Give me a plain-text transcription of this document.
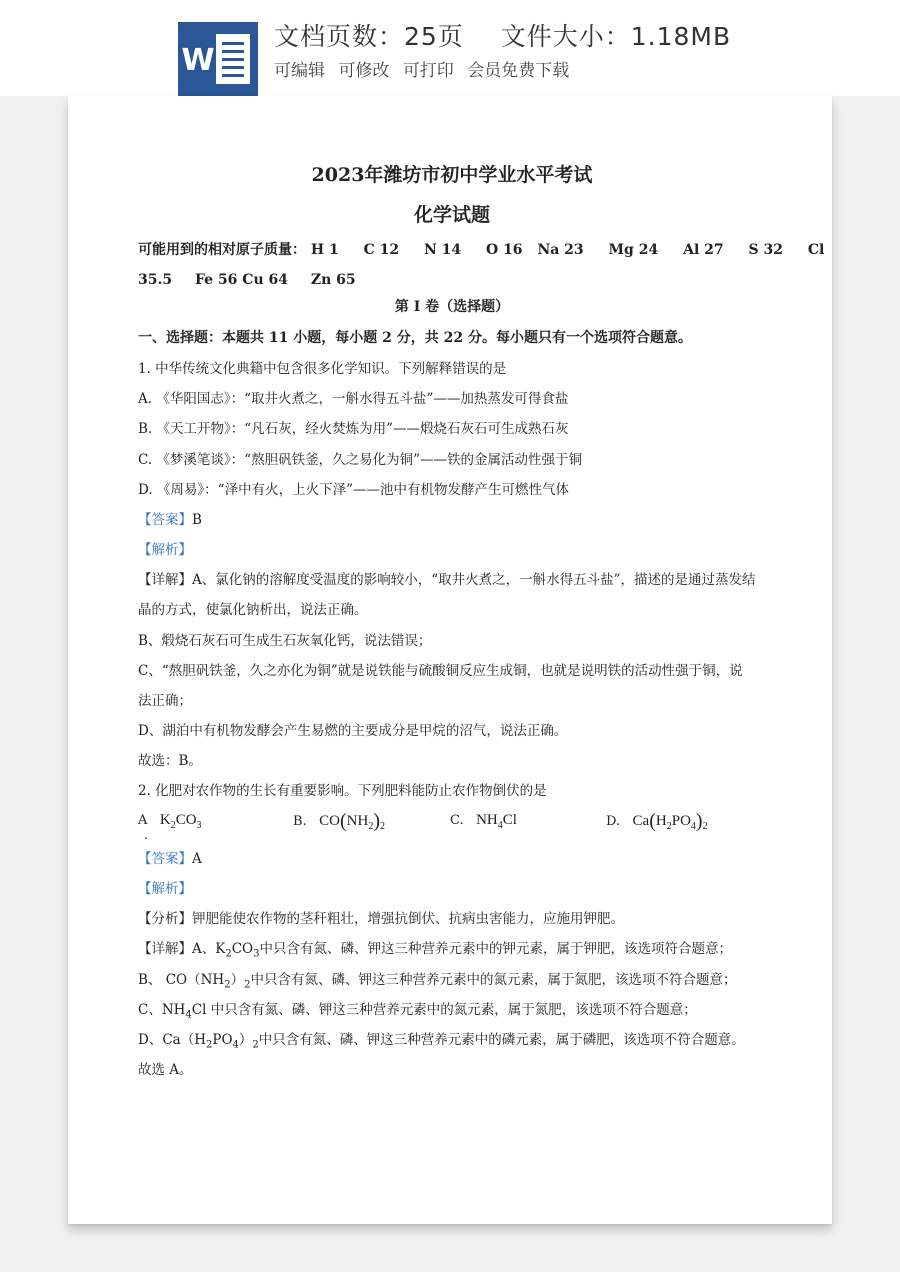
W
文档页数：25页 文件大小：1.18MB
可编辑 可修改 可打印 会员免费下载
2023年潍坊市初中学业水平考试
化学试题
可能用到的相对原子质量： H 1 C 12 N 14 O 16 Na 23 Mg 24 Al 27 S 32 Cl
35.5 Fe 56 Cu 64 Zn 65
第 I 卷（选择题）
一、选择题：本题共 11 小题，每小题 2 分，共 22 分。每小题只有一个选项符合题意。
1. 中华传统文化典籍中包含很多化学知识。下列解释错误的是
A. 《华阳国志》：“取井火煮之，一斛水得五斗盐”——加热蒸发可得食盐
B. 《天工开物》：“凡石灰，经火焚炼为用”——煅烧石灰石可生成熟石灰
C. 《梦溪笔谈》：“熬胆矾铁釜，久之易化为铜”——铁的金属活动性强于铜
D. 《周易》：“泽中有火，上火下泽”——池中有机物发酵产生可燃性气体
【答案】B
【解析】
【详解】A、氯化钠的溶解度受温度的影响较小，“取井火煮之，一斛水得五斗盐”，描述的是通过蒸发结
晶的方式，使氯化钠析出，说法正确。
B、煅烧石灰石可生成生石灰氧化钙，说法错误；
C、“熬胆矾铁釜，久之亦化为铜”就是说铁能与硫酸铜反应生成铜，也就是说明铁的活动性强于铜，说
法正确；
D、湖泊中有机物发酵会产生易燃的主要成分是甲烷的沼气，说法正确。
故选：B。
2. 化肥对农作物的生长有重要影响。下列肥料能防止农作物倒伏的是
A $K_2CO_3$
.
B. $CO(NH_2)_2$	C. $NH_4Cl$	D. $Ca(H_2PO_4)_2$
【答案】A
【解析】
【分析】钾肥能使农作物的茎秆粗壮，增强抗倒伏、抗病虫害能力，应施用钾肥。
【详解】A、$K_2CO_3$中只含有氮、磷、钾这三种营养元素中的钾元素，属于钾肥，该选项符合题意；
B、 $CO(NH_2)_2$中只含有氮、磷、钾这三种营养元素中的氮元素，属于氮肥，该选项不符合题意；
C、$NH_4Cl$ 中只含有氮、磷、钾这三种营养元素中的氮元素，属于氮肥，该选项不符合题意；
D、$Ca(H_2PO_4)_2$中只含有氮、磷、钾这三种营养元素中的磷元素，属于磷肥，该选项不符合题意。
故选 A。
